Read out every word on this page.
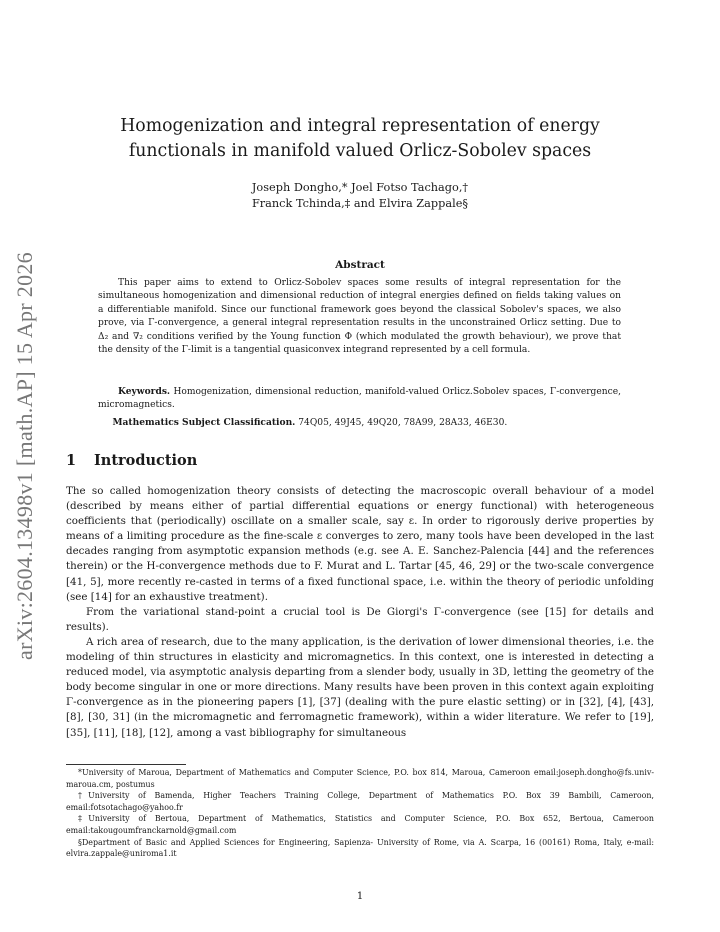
arXiv:2604.13498v1 [math.AP] 15 Apr 2026
Homogenization and integral representation of energy functionals in manifold valued Orlicz-Sobolev spaces
Joseph Dongho,* Joel Fotso Tachago,†
Franck Tchinda,‡ and Elvira Zappale§
Abstract

This paper aims to extend to Orlicz-Sobolev spaces some results of integral representation for the simultaneous homogenization and dimensional reduction of integral energies defined on fields taking values on a differentiable manifold. Since our functional framework goes beyond the classical Sobolev's spaces, we also prove, via Γ-convergence, a general integral representation results in the unconstrained Orlicz setting. Due to Δ₂ and ∇₂ conditions verified by the Young function Φ (which modulated the growth behaviour), we prove that the density of the Γ-limit is a tangential quasiconvex integrand represented by a cell formula.

Keywords. Homogenization, dimensional reduction, manifold-valued Orlicz.Sobolev spaces, Γ-convergence, micromagnetics.
Mathematics Subject Classification. 74Q05, 49J45, 49Q20, 78A99, 28A33, 46E30.
1 Introduction

The so called homogenization theory consists of detecting the macroscopic overall behaviour of a model (described by means either of partial differential equations or energy functional) with heterogeneous coefficients that (periodically) oscillate on a smaller scale, say ε. In order to rigorously derive properties by means of a limiting procedure as the fine-scale ε converges to zero, many tools have been developed in the last decades ranging from asymptotic expansion methods (e.g. see A. E. Sanchez-Palencia [44] and the references therein) or the H-convergence methods due to F. Murat and L. Tartar [45, 46, 29] or the two-scale convergence [41, 5], more recently re-casted in terms of a fixed functional space, i.e. within the theory of periodic unfolding (see [14] for an exhaustive treatment).

From the variational stand-point a crucial tool is De Giorgi's Γ-convergence (see [15] for details and results).

A rich area of research, due to the many application, is the derivation of lower dimensional theories, i.e. the modeling of thin structures in elasticity and micromagnetics. In this context, one is interested in detecting a reduced model, via asymptotic analysis departing from a slender body, usually in 3D, letting the geometry of the body become singular in one or more directions. Many results have been proven in this context again exploiting Γ-convergence as in the pioneering papers [1], [37] (dealing with the pure elastic setting) or in [32], [4], [43], [8], [30, 31] (in the micromagnetic and ferromagnetic framework), within a wider literature. We refer to [19], [35], [11], [18], [12], among a vast bibliography for simultaneous

*University of Maroua, Department of Mathematics and Computer Science, P.O. box 814, Maroua, Cameroon email:joseph.dongho@fs.univ-maroua.cm, postumus

†University of Bamenda, Higher Teachers Training College, Department of Mathematics P.O. Box 39 Bambili, Cameroon, email:fotsotachago@yahoo.fr

‡University of Bertoua, Department of Mathematics, Statistics and Computer Science, P.O. Box 652, Bertoua, Cameroon email:takougoumfranckarnold@gmail.com

§Department of Basic and Applied Sciences for Engineering, Sapienza- University of Rome, via A. Scarpa, 16 (00161) Roma, Italy, e-mail: elvira.zappale@uniroma1.it

1
